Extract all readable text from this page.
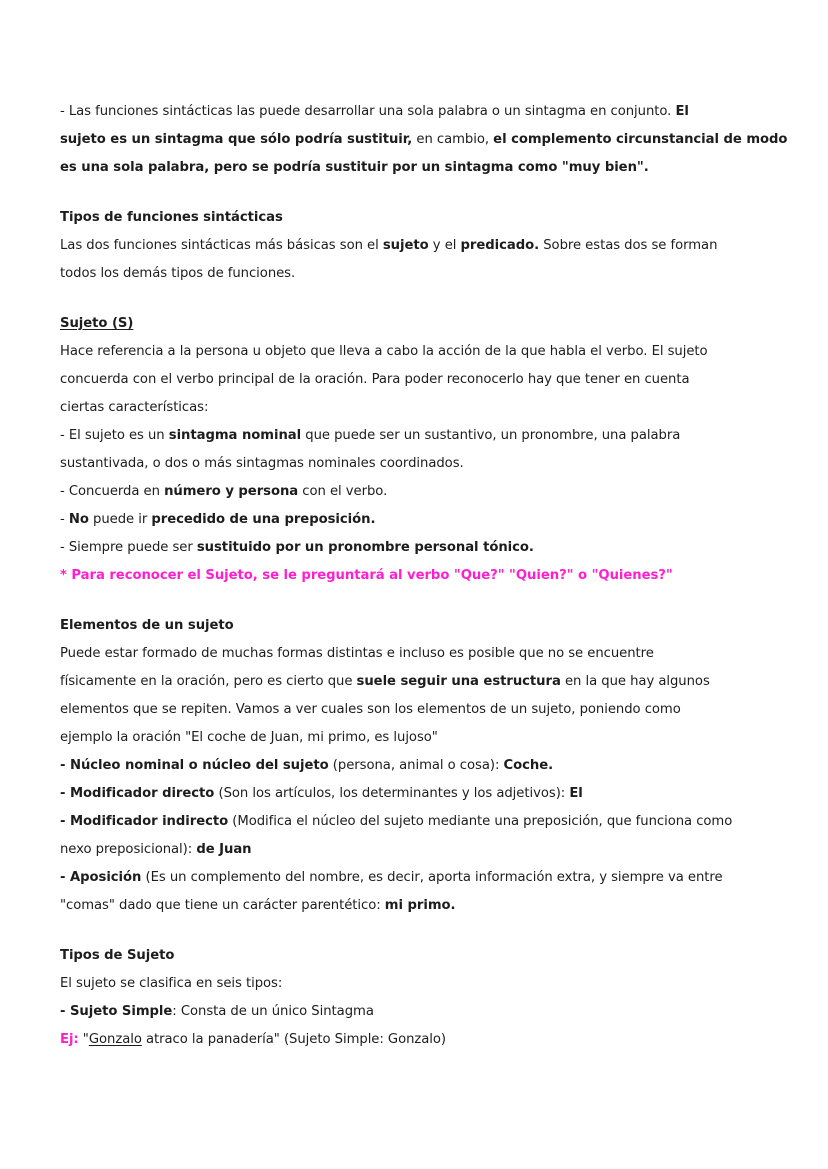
- Las funciones sintácticas las puede desarrollar una sola palabra o un sintagma en conjunto. El
sujeto es un sintagma que sólo podría sustituir, en cambio, el complemento circunstancial de modo
es una sola palabra, pero se podría sustituir por un sintagma como "muy bien".
Tipos de funciones sintácticas
Las dos funciones sintácticas más básicas son el sujeto y el predicado. Sobre estas dos se forman
todos los demás tipos de funciones.
Sujeto (S)
Hace referencia a la persona u objeto que lleva a cabo la acción de la que habla el verbo. El sujeto
concuerda con el verbo principal de la oración. Para poder reconocerlo hay que tener en cuenta
ciertas características:
- El sujeto es un sintagma nominal que puede ser un sustantivo, un pronombre, una palabra
sustantivada, o dos o más sintagmas nominales coordinados.
- Concuerda en número y persona con el verbo.
- No puede ir precedido de una preposición.
- Siempre puede ser sustituido por un pronombre personal tónico.
* Para reconocer el Sujeto, se le preguntará al verbo "Que?" "Quien?" o "Quienes?"
Elementos de un sujeto
Puede estar formado de muchas formas distintas e incluso es posible que no se encuentre
físicamente en la oración, pero es cierto que suele seguir una estructura en la que hay algunos
elementos que se repiten. Vamos a ver cuales son los elementos de un sujeto, poniendo como
ejemplo la oración "El coche de Juan, mi primo, es lujoso"
- Núcleo nominal o núcleo del sujeto (persona, animal o cosa): Coche.
- Modificador directo (Son los artículos, los determinantes y los adjetivos): El
- Modificador indirecto (Modifica el núcleo del sujeto mediante una preposición, que funciona como
nexo preposicional): de Juan
- Aposición (Es un complemento del nombre, es decir, aporta información extra, y siempre va entre
"comas" dado que tiene un carácter parentético: mi primo.
Tipos de Sujeto
El sujeto se clasifica en seis tipos:
- Sujeto Simple: Consta de un único Sintagma
Ej: "Gonzalo atraco la panadería" (Sujeto Simple: Gonzalo)
